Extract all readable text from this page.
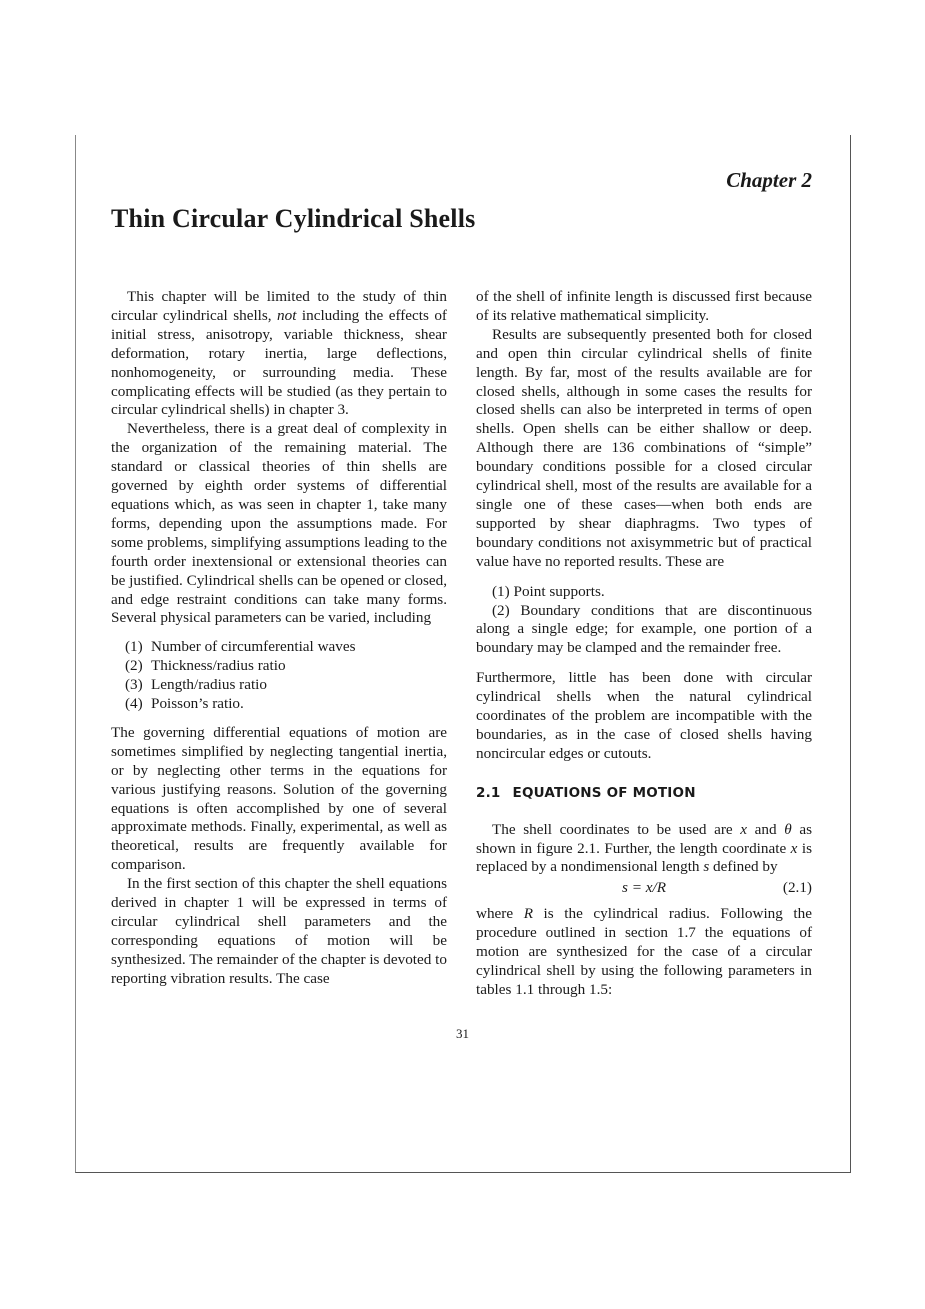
Chapter 2
Thin Circular Cylindrical Shells

This chapter will be limited to the study of thin circular cylindrical shells, not including the effects of initial stress, anisotropy, variable thickness, shear deformation, rotary inertia, large deflections, nonhomogeneity, or surrounding media. These complicating effects will be studied (as they pertain to circular cylindrical shells) in chapter 3.

Nevertheless, there is a great deal of complexity in the organization of the remaining material. The standard or classical theories of thin shells are governed by eighth order systems of differential equations which, as was seen in chapter 1, take many forms, depending upon the assumptions made. For some problems, simplifying assumptions leading to the fourth order inextensional or extensional theories can be justified. Cylindrical shells can be opened or closed, and edge restraint conditions can take many forms. Several physical parameters can be varied, including

(1) Number of circumferential waves
(2) Thickness/radius ratio
(3) Length/radius ratio
(4) Poisson’s ratio.

The governing differential equations of motion are sometimes simplified by neglecting tangential inertia, or by neglecting other terms in the equations for various justifying reasons. Solution of the governing equations is often accomplished by one of several approximate methods. Finally, experimental, as well as theoretical, results are frequently available for comparison.

In the first section of this chapter the shell equations derived in chapter 1 will be expressed in terms of circular cylindrical shell parameters and the corresponding equations of motion will be synthesized. The remainder of the chapter is devoted to reporting vibration results. The case

of the shell of infinite length is discussed first because of its relative mathematical simplicity.

Results are subsequently presented both for closed and open thin circular cylindrical shells of finite length. By far, most of the results available are for closed shells, although in some cases the results for closed shells can also be interpreted in terms of open shells. Open shells can be either shallow or deep. Although there are 136 combinations of “simple” boundary conditions possible for a closed circular cylindrical shell, most of the results are available for a single one of these cases—when both ends are supported by shear diaphragms. Two types of boundary conditions not axisymmetric but of practical value have no reported results. These are

(1) Point supports.

(2) Boundary conditions that are discontinuous along a single edge; for example, one portion of a boundary may be clamped and the remainder free.

Furthermore, little has been done with circular cylindrical shells when the natural cylindrical coordinates of the problem are incompatible with the boundaries, as in the case of closed shells having noncircular edges or cutouts.

2.1 EQUATIONS OF MOTION

The shell coordinates to be used are x and θ as shown in figure 2.1. Further, the length coordinate x is replaced by a nondimensional length s defined by

s = x/R	(2.1)

where R is the cylindrical radius. Following the procedure outlined in section 1.7 the equations of motion are synthesized for the case of a circular cylindrical shell by using the following parameters in tables 1.1 through 1.5:

31
